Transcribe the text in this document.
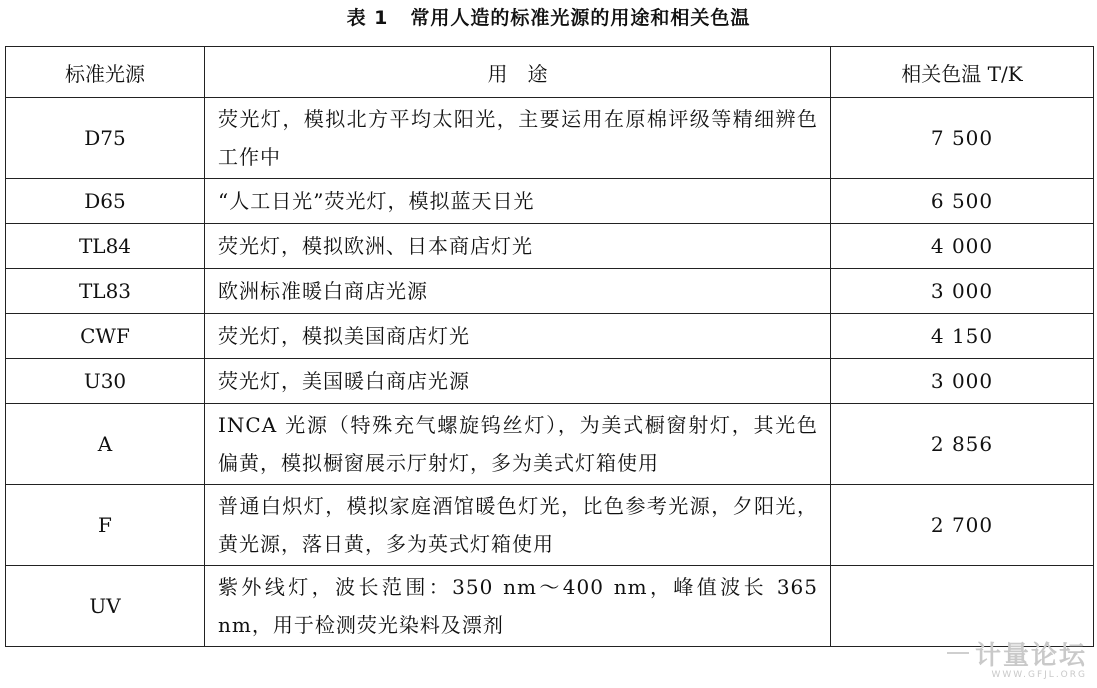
表 1 常用人造的标准光源的用途和相关色温
标准光源	用　途	相关色温 T/K
D75	荧光灯，模拟北方平均太阳光，主要运用在原棉评级等精细辨色工作中	7 500
D65	“人工日光”荧光灯，模拟蓝天日光	6 500
TL84	荧光灯，模拟欧洲、日本商店灯光	4 000
TL83	欧洲标准暖白商店光源	3 000
CWF	荧光灯，模拟美国商店灯光	4 150
U30	荧光灯，美国暖白商店光源	3 000
A	INCA 光源（特殊充气螺旋钨丝灯），为美式橱窗射灯，其光色偏黄，模拟橱窗展示厅射灯，多为美式灯箱使用	2 856
F	普通白炽灯，模拟家庭酒馆暖色灯光，比色参考光源，夕阳光，黄光源，落日黄，多为英式灯箱使用	2 700
UV	紫外线灯，波长范围：350 nm～400 nm，峰值波长 365 nm，用于检测荧光染料及漂剂	
计量论坛
WWW.GFJL.ORG
